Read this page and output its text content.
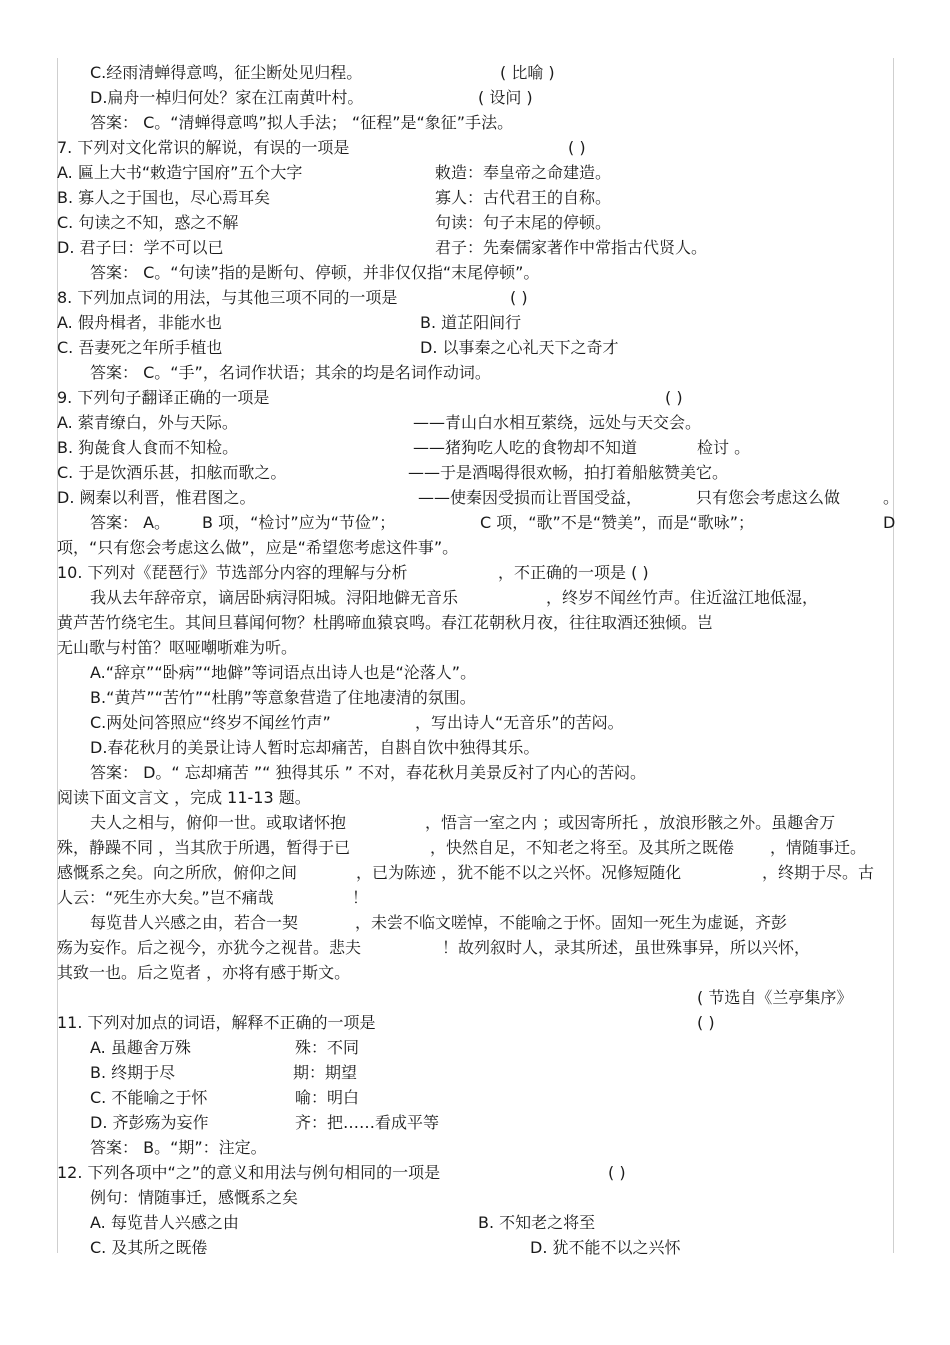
C.经雨清蝉得意鸣，征尘断处见归程。	( 比喻 )
D.扁舟一棹归何处？家在江南黄叶村。	( 设问 )
答案： C。“清蝉得意鸣”拟人手法； “征程”是“象征”手法。
7. 下列对文化常识的解说，有误的一项是	( )
A. 匾上大书“敕造宁国府”五个大字	敕造：奉皇帝之命建造。
B. 寡人之于国也，尽心焉耳矣	寡人：古代君王的自称。
C. 句读之不知，惑之不解	句读：句子末尾的停顿。
D. 君子曰：学不可以已	君子：先秦儒家著作中常指古代贤人。
答案： C。“句读”指的是断句、停顿，并非仅仅指“末尾停顿”。
8. 下列加点词的用法，与其他三项不同的一项是	( )
A. 假舟楫者，非能水也	B. 道芷阳间行
C. 吾妻死之年所手植也	D. 以事秦之心礼天下之奇才
答案： C。“手”，名词作状语；其余的均是名词作动词。
9. 下列句子翻译正确的一项是	( )
A. 萦青缭白，外与天际。	——青山白水相互萦绕，远处与天交会。
B. 狗彘食人食而不知检。	——猪狗吃人吃的食物却不知道	检讨 。
C. 于是饮酒乐甚，扣舷而歌之。	——于是酒喝得很欢畅，拍打着船舷赞美它。
D. 阙秦以利晋，惟君图之。	——使秦因受损而让晋国受益，	只有您会考虑这么做	。
答案： A。 B 项，“检讨”应为“节俭”；	C 项，“歌”不是“赞美”，而是“歌咏”；	D
项，“只有您会考虑这么做”，应是“希望您考虑这件事”。
10. 下列对《琵琶行》节选部分内容的理解与分析	，不正确的一项是 ( )
我从去年辞帝京，谪居卧病浔阳城。浔阳地僻无音乐	，终岁不闻丝竹声。住近湓江地低湿，
黄芦苦竹绕宅生。其间旦暮闻何物？杜鹃啼血猿哀鸣。春江花朝秋月夜，往往取酒还独倾。岂
无山歌与村笛？呕哑嘲哳难为听。
A.“辞京”“卧病”“地僻”等词语点出诗人也是“沦落人”。
B.“黄芦”“苦竹”“杜鹃”等意象营造了住地凄清的氛围。
C.两处问答照应“终岁不闻丝竹声”	，写出诗人“无音乐”的苦闷。
D.春花秋月的美景让诗人暂时忘却痛苦，自斟自饮中独得其乐。
答案： D。“ 忘却痛苦 ”“ 独得其乐 ” 不对，春花秋月美景反衬了内心的苦闷。
阅读下面文言文 ，完成 11-13 题。
夫人之相与，俯仰一世。或取诸怀抱	，悟言一室之内 ；或因寄所托 ，放浪形骸之外。虽趣舍万
殊，静躁不同 ，当其欣于所遇，暂得于已	，快然自足，不知老之将至。及其所之既倦 ，情随事迁。
感慨系之矣。向之所欣，俯仰之间	，已为陈迹 ，犹不能不以之兴怀。况修短随化	，终期于尽。古
人云：“死生亦大矣。”岂不痛哉	！
每览昔人兴感之由，若合一契	，未尝不临文嗟悼，不能喻之于怀。固知一死生为虚诞，齐彭
殇为妄作。后之视今，亦犹今之视昔。悲夫	！故列叙时人，录其所述，虽世殊事异，所以兴怀，
其致一也。后之览者 ，亦将有感于斯文。
( 节选自《兰亭集序》
11. 下列对加点的词语，解释不正确的一项是	( )
A. 虽趣舍万殊	殊：不同
B. 终期于尽	期：期望
C. 不能喻之于怀	喻：明白
D. 齐彭殇为妄作	齐：把……看成平等
答案： B。“期”：注定。
12. 下列各项中“之”的意义和用法与例句相同的一项是	( )
例句：情随事迁，感慨系之矣
A. 每览昔人兴感之由	B. 不知老之将至
C. 及其所之既倦	D. 犹不能不以之兴怀
